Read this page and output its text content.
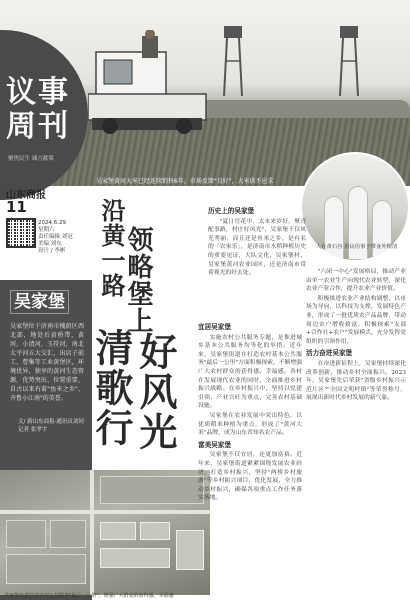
吴家堡黄河大米已经连续销售6年，市场反馈"良好"，大米供不应求
议事周刊
聚焦民生 谏言献策
山东商报
11
2024.6.29
星期六
责任编辑 刘冠
美编 刘东
设计 / 李彬
吴家堡
吴家堡位于济南市槐荫区西北部，地处后黄桥带，黄河，小清河，玉符河，南北太平河五大交汇，出店子前工，曹集等工业黄堡区，环境优异，独享的黄河生态资源，优势突出、位置重要，自古以来有着"鱼米之乡"、齐鲁小江南"的美誉。
文/ 新山东商报·通讯员刘同 记者 张孝宇
吴家堡街道打造农村公共服务"最后一公里"，增强广大群众的获得感、幸福感
沿黄一路
领略堡上
清歌行 好风光
人在黄石谷 用民俗事子带身外精清
历史上的吴家堡

"夏日官花中，太末来岁好，聚青配事路，村庄好风光"，吴家堡不仅风光秀丽，而且还是鱼米之乡，是有名的「农家乐」，是济南市水稻种植历史的重要见证，大队文化，吴家堡村、吴家堡黄河农业园区，还是济南市赏荷观光的好去处。

宜居吴家堡

实施农村公共服务专题，是推进城乡基本公共服务均等化的举措。近年来，吴家堡街道在打造农村基本公共服务"最后一公里"方面积极探索，不断增强广大农村群众的获得感、幸福感。各村在发展现代农业的同时，全面推进乡村振兴战略。在乡村振兴中，坚持以党建引领、产业兴旺为重点，完善农村基础设施。

吴家堡在农业发展中突出特色，以优质稻米种植为重点，形成了"黄河大米"品牌，成为山东省知名农产品。

富美吴家堡

吴家堡不仅宜居，还更加富裕。近年来，吴家堡街道紧紧围绕发展农业经济，打造乡村振兴，坚持"两桥乡村旅游"等乡村振兴项目，优化发展，全力推动乡村振兴，确保各项重点工作任务落实落地。

"六闭一中心"发展格局，推动产业由单一农业生产向现代农业转型，深化农业产业合作，提升农业产业价值。

积极推进农业产业结构调整，以市场为导向，以科技为支撑，发展特色产业，形成了一批优质农产品品牌，带动周边农户增收致富，积极探索"支部+合作社+农户"发展模式，充分发挥党组织的引领作用。

活力奋进吴家堡

在奋进新征程上，吴家堡持续深化改革创新，推动乡村全面振兴。2023年，吴家堡先后荣获"省级乡村振兴示范片区""全国文明村镇"等荣誉称号，展现出新时代乡村发展的新气象。
